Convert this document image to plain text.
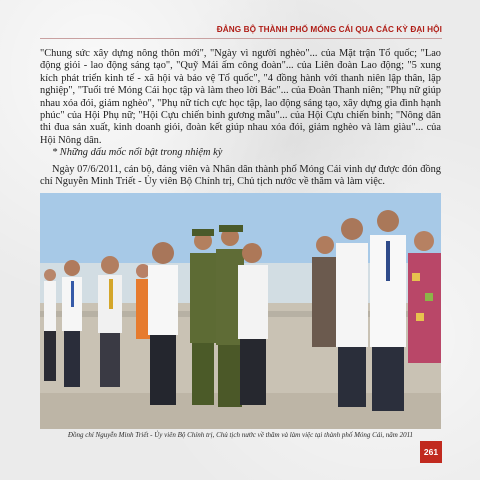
ĐẢNG BỘ THÀNH PHỐ MÓNG CÁI QUA CÁC KỲ ĐẠI HỘI

"Chung sức xây dựng nông thôn mới", "Ngày vì người nghèo"... của Mặt trận Tổ quốc; "Lao động giỏi - lao động sáng tạo", "Quỹ Mái ấm công đoàn"... của Liên đoàn Lao động; "5 xung kích phát triển kinh tế - xã hội và bảo vệ Tổ quốc", "4 đồng hành với thanh niên lập thân, lập nghiệp", "Tuổi trẻ Móng Cái học tập và làm theo lời Bác"... của Đoàn Thanh niên; "Phụ nữ giúp nhau xóa đói, giảm nghèo", "Phụ nữ tích cực học tập, lao động sáng tạo, xây dựng gia đình hạnh phúc" của Hội Phụ nữ; "Hội Cựu chiến binh gương mẫu"... của Hội Cựu chiến binh; "Nông dân thi đua sản xuất, kinh doanh giỏi, đoàn kết giúp nhau xóa đói, giảm nghèo và làm giàu"... của Hội Nông dân.

* Những dấu mốc nổi bật trong nhiệm kỳ

Ngày 07/6/2011, cán bộ, đảng viên và Nhân dân thành phố Móng Cái vinh dự được đón đồng chí Nguyễn Minh Triết - Ủy viên Bộ Chính trị, Chủ tịch nước về thăm và làm việc.

Đồng chí Nguyễn Minh Triết - Ủy viên Bộ Chính trị, Chủ tịch nước về thăm và làm việc tại thành phố Móng Cái, năm 2011
261
